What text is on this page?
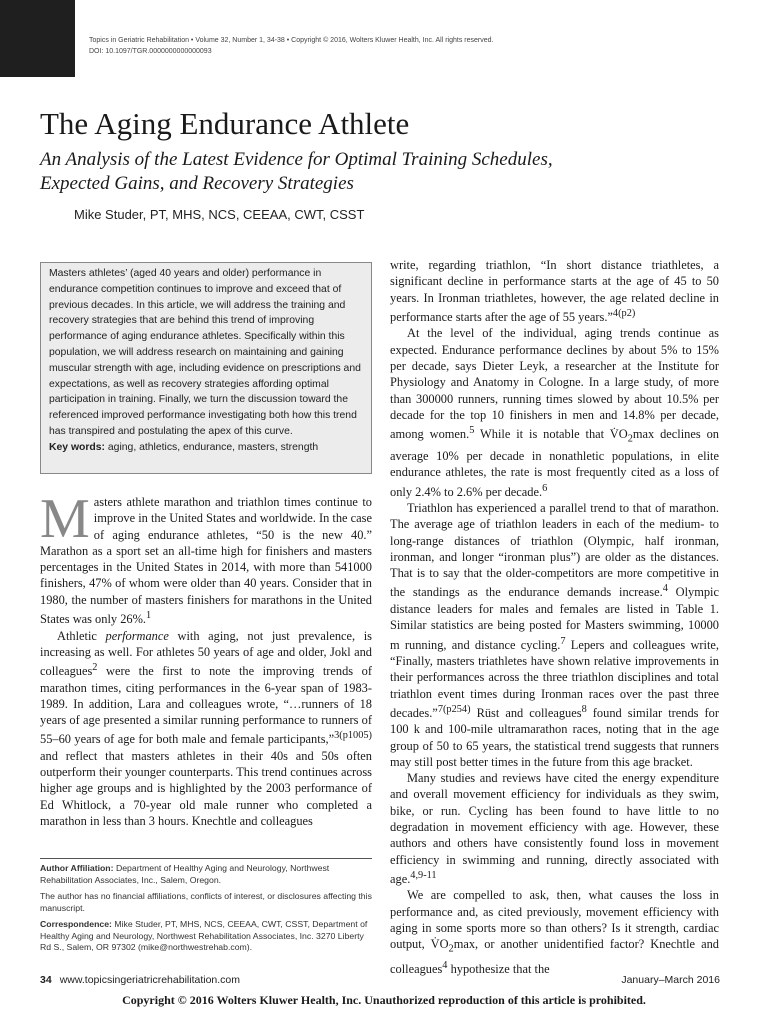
Topics in Geriatric Rehabilitation • Volume 32, Number 1, 34-38 • Copyright © 2016, Wolters Kluwer Health, Inc. All rights reserved.
DOI: 10.1097/TGR.0000000000000093
The Aging Endurance Athlete
An Analysis of the Latest Evidence for Optimal Training Schedules,
Expected Gains, and Recovery Strategies
Mike Studer, PT, MHS, NCS, CEEAA, CWT, CSST

Masters athletes’ (aged 40 years and older) performance in endurance competition continues to improve and exceed that of previous decades. In this article, we will address the training and recovery strategies that are behind this trend of improving performance of aging endurance athletes. Specifically within this population, we will address research on maintaining and gaining muscular strength with age, including evidence on prescriptions and expectations, as well as recovery strategies affording optimal participation in training. Finally, we turn the discussion toward the referenced improved performance investigating both how this trend has transpired and postulating the apex of this curve.

Key words: aging, athletics, endurance, masters, strength

Masters athlete marathon and triathlon times continue to improve in the United States and worldwide. In the case of aging endurance athletes, “50 is the new 40.” Marathon as a sport set an all-time high for finishers and masters percentages in the United States in 2014, with more than 541000 finishers, 47% of whom were older than 40 years. Consider that in 1980, the number of masters finishers for marathons in the United States was only 26%.$^1$

Athletic performance with aging, not just prevalence, is increasing as well. For athletes 50 years of age and older, Jokl and colleagues$^2$ were the first to note the improving trends of marathon times, citing performances in the 6-year span of 1983-1989. In addition, Lara and colleagues wrote, “…runners of 18 years of age presented a similar running performance to runners of 55–60 years of age for both male and female participants,”$^{3(p1005)}$ and reflect that masters athletes in their 40s and 50s often outperform their younger counterparts. This trend continues across higher age groups and is highlighted by the 2003 performance of Ed Whitlock, a 70-year old male runner who completed a marathon in less than 3 hours. Knechtle and colleagues

Author Affiliation: Department of Healthy Aging and Neurology, Northwest Rehabilitation Associates, Inc., Salem, Oregon.

The author has no financial affiliations, conflicts of interest, or disclosures affecting this manuscript.

Correspondence: Mike Studer, PT, MHS, NCS, CEEAA, CWT, CSST, Department of Healthy Aging and Neurology, Northwest Rehabilitation Associates, Inc. 3270 Liberty Rd S., Salem, OR 97302 (mike@northwestrehab.com).

write, regarding triathlon, “In short distance triathletes, a significant decline in performance starts at the age of 45 to 50 years. In Ironman triathletes, however, the age related decline in performance starts after the age of 55 years.”$^{4(p2)}$

At the level of the individual, aging trends continue as expected. Endurance performance declines by about 5% to 15% per decade, says Dieter Leyk, a researcher at the Institute for Physiology and Anatomy in Cologne. In a large study, of more than 300000 runners, running times slowed by about 10.5% per decade for the top 10 finishers in men and 14.8% per decade, among women.$^5$ While it is notable that $V̇O_2\max$ declines on average 10% per decade in nonathletic populations, in elite endurance athletes, the rate is most frequently cited as a loss of only 2.4% to 2.6% per decade.$^6$

Triathlon has experienced a parallel trend to that of marathon. The average age of triathlon leaders in each of the medium- to long-range distances of triathlon (Olympic, half ironman, ironman, and longer “ironman plus”) are older as the distances. That is to say that the older-competitors are more competitive in the standings as the endurance demands increase.$^4$ Olympic distance leaders for males and females are listed in Table 1. Similar statistics are being posted for Masters swimming, 10000 m running, and distance cycling.$^7$ Lepers and colleagues write, “Finally, masters triathletes have shown relative improvements in their performances across the three triathlon disciplines and total triathlon event times during Ironman races over the past three decades.”$^{7(p254)}$ Rüst and colleagues$^8$ found similar trends for 100 k and 100-mile ultramarathon races, noting that in the age group of 50 to 65 years, the statistical trend suggests that runners may still post better times in the future from this age bracket.

Many studies and reviews have cited the energy expenditure and overall movement efficiency for individuals as they swim, bike, or run. Cycling has been found to have little to no degradation in movement efficiency with age. However, these authors and others have consistently found loss in movement efficiency in swimming and running, directly associated with age.$^{4,9-11}$

We are compelled to ask, then, what causes the loss in performance and, as cited previously, movement efficiency with aging in some sports more so than others? Is it strength, cardiac output, $V̇O_2\max$, or another unidentified factor? Knechtle and colleagues$^4$ hypothesize that the

34 www.topicsingeriatricrehabilitation.com	January–March 2016
Copyright © 2016 Wolters Kluwer Health, Inc. Unauthorized reproduction of this article is prohibited.
